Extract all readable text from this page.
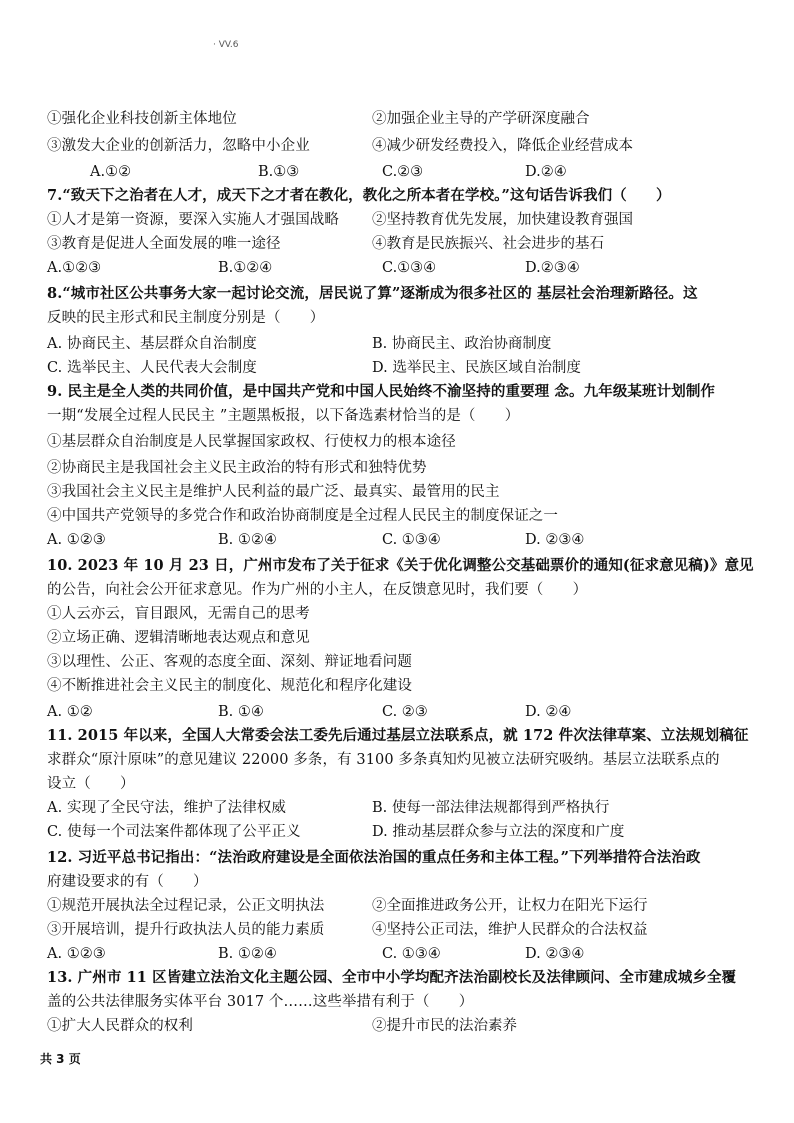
· VV.6
①强化企业科技创新主体地位	②加强企业主导的产学研深度融合
③激发大企业的创新活力，忽略中小企业	④减少研发经费投入，降低企业经营成本
A.①②	B.①③	C.②③	D.②④
7.“致天下之治者在人才，成天下之才者在教化，教化之所本者在学校。”这句话告诉我们（　　）
①人才是第一资源，要深入实施人才强国战略 ②坚持教育优先发展，加快建设教育强国
③教育是促进人全面发展的唯一途径	④教育是民族振兴、社会进步的基石
A.①②③	B.①②④	C.①③④	D.②③④
8.“城市社区公共事务大家一起讨论交流，居民说了算”逐渐成为很多社区的 基层社会治理新路径。这
反映的民主形式和民主制度分别是（　　）
A. 协商民主、基层群众自治制度	B. 协商民主、政治协商制度
C. 选举民主、人民代表大会制度	D. 选举民主、民族区域自治制度
9. 民主是全人类的共同价值，是中国共产党和中国人民始终不渝坚持的重要理 念。九年级某班计划制作
一期“发展全过程人民民主 ”主题黑板报，以下备选素材恰当的是（　　）
①基层群众自治制度是人民掌握国家政权、行使权力的根本途径
②协商民主是我国社会主义民主政治的特有形式和独特优势
③我国社会主义民主是维护人民利益的最广泛、最真实、最管用的民主
④中国共产党领导的多党合作和政治协商制度是全过程人民民主的制度保证之一
A. ①②③	B. ①②④	C. ①③④	D. ②③④
10. 2023 年 10 月 23 日，广州市发布了关于征求《关于优化调整公交基础票价的通知(征求意见稿)》意见
的公告，向社会公开征求意见。作为广州的小主人，在反馈意见时，我们要（　　）
①人云亦云，盲目跟风，无需自己的思考
②立场正确、逻辑清晰地表达观点和意见
③以理性、公正、客观的态度全面、深刻、辩证地看问题
④不断推进社会主义民主的制度化、规范化和程序化建设
A. ①②	B. ①④	C. ②③	D. ②④
11. 2015 年以来，全国人大常委会法工委先后通过基层立法联系点，就 172 件次法律草案、立法规划稿征
求群众“原汁原味”的意见建议 22000 多条，有 3100 多条真知灼见被立法研究吸纳。基层立法联系点的
设立（　　）
A. 实现了全民守法，维护了法律权威	B. 使每一部法律法规都得到严格执行
C. 使每一个司法案件都体现了公平正义	D. 推动基层群众参与立法的深度和广度
12. 习近平总书记指出：“法治政府建设是全面依法治国的重点任务和主体工程。”下列举措符合法治政
府建设要求的有（　　）
①规范开展执法全过程记录，公正文明执法	②全面推进政务公开，让权力在阳光下运行
③开展培训，提升行政执法人员的能力素质	④坚持公正司法，维护人民群众的合法权益
A. ①②③	B. ①②④	C. ①③④	D. ②③④
13. 广州市 11 区皆建立法治文化主题公园、全市中小学均配齐法治副校长及法律顾问、全市建成城乡全覆
盖的公共法律服务实体平台 3017 个……这些举措有利于（　　）
①扩大人民群众的权利	②提升市民的法治素养
共 3 页
